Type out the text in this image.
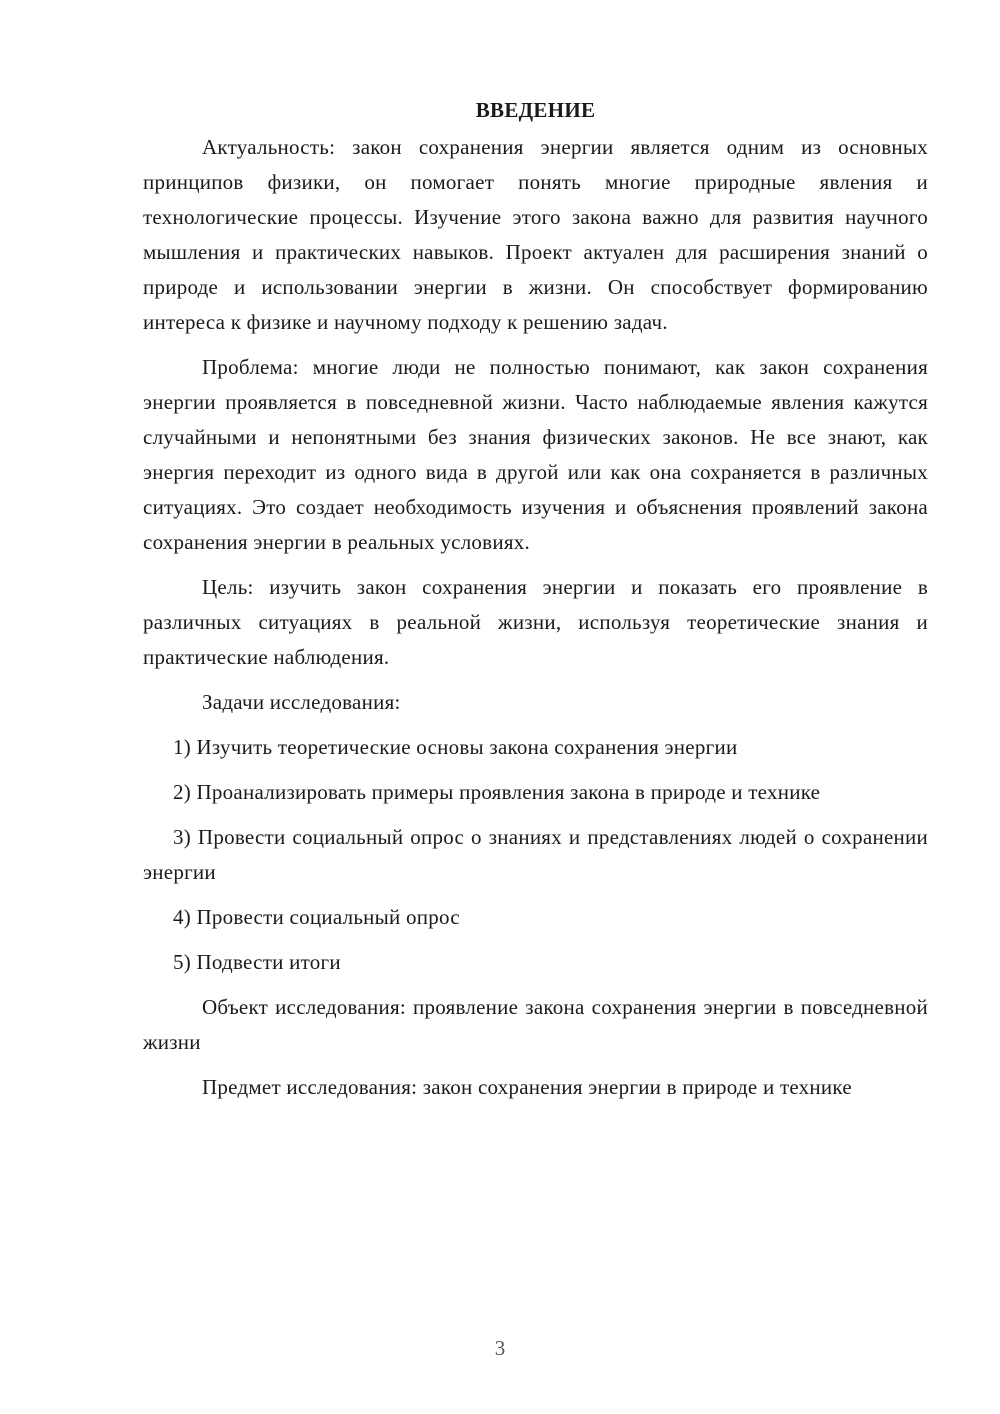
ВВЕДЕНИЕ

Актуальность: закон сохранения энергии является одним из основных принципов физики, он помогает понять многие природные явления и технологические процессы. Изучение этого закона важно для развития научного мышления и практических навыков. Проект актуален для расширения знаний о природе и использовании энергии в жизни. Он способствует формированию интереса к физике и научному подходу к решению задач.

Проблема: многие люди не полностью понимают, как закон сохранения энергии проявляется в повседневной жизни. Часто наблюдаемые явления кажутся случайными и непонятными без знания физических законов. Не все знают, как энергия переходит из одного вида в другой или как она сохраняется в различных ситуациях. Это создает необходимость изучения и объяснения проявлений закона сохранения энергии в реальных условиях.

Цель: изучить закон сохранения энергии и показать его проявление в различных ситуациях в реальной жизни, используя теоретические знания и практические наблюдения.

Задачи исследования:

1) Изучить теоретические основы закона сохранения энергии

2) Проанализировать примеры проявления закона в природе и технике

3) Провести социальный опрос о знаниях и представлениях людей о сохранении энергии

4) Провести социальный опрос

5) Подвести итоги

Объект исследования: проявление закона сохранения энергии в повседневной жизни

Предмет исследования: закон сохранения энергии в природе и технике

3
